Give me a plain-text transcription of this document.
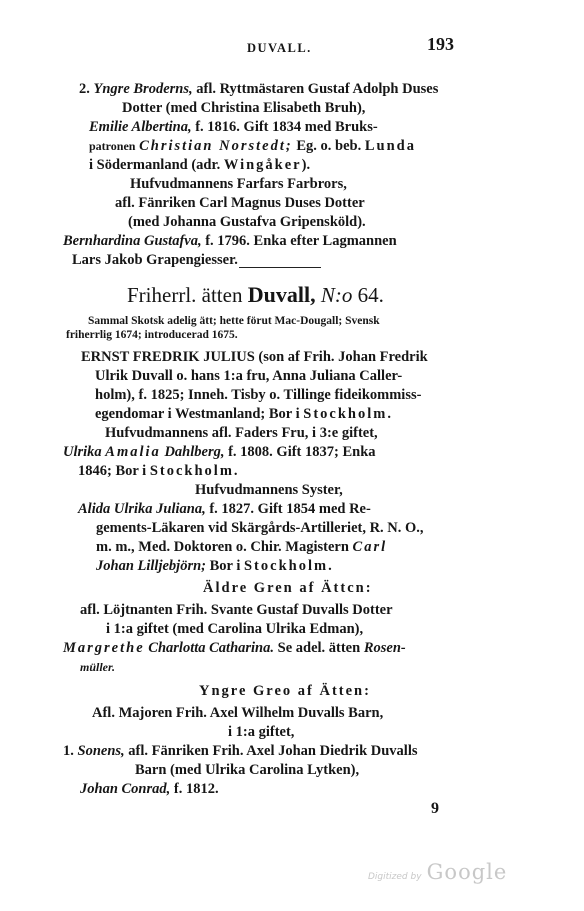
DUVALL.	193
2. Yngre Broderns, afl. Ryttmästaren Gustaf Adolph Duses
Dotter (med Christina Elisabeth Bruh),
Emilie Albertina, f. 1816. Gift 1834 med Bruks-
patronen Christian Norstedt; Eg. o. beb. Lunda
i Södermanland (adr. Wingåker).
Hufvudmannens Farfars Farbrors,
afl. Fänriken Carl Magnus Duses Dotter
(med Johanna Gustafva Gripensköld).
Bernhardina Gustafva, f. 1796. Enka efter Lagmannen
Lars Jakob Grapengiesser.
Friherrl. ätten Duvall, N:o 64.
Sammal Skotsk adelig ätt; hette förut Mac-Dougall; Svensk
friherrlig 1674; introducerad 1675.
ERNST FREDRIK JULIUS (son af Frih. Johan Fredrik
Ulrik Duvall o. hans 1:a fru, Anna Juliana Caller-
holm), f. 1825; Inneh. Tisby o. Tillinge fideikommiss-
egendomar i Westmanland; Bor i Stockholm.
Hufvudmannens afl. Faders Fru, i 3:e giftet,
Ulrika Amalia Dahlberg, f. 1808. Gift 1837; Enka
1846; Bor i Stockholm.
Hufvudmannens Syster,
Alida Ulrika Juliana, f. 1827. Gift 1854 med Re-
gements-Läkaren vid Skärgårds-Artilleriet, R. N. O.,
m. m., Med. Doktoren o. Chir. Magistern Carl
Johan Lilljebjörn; Bor i Stockholm.
Äldre Gren af Ättcn:
afl. Löjtnanten Frih. Svante Gustaf Duvalls Dotter
i 1:a giftet (med Carolina Ulrika Edman),
Margrethe Charlotta Catharina. Se adel. ätten Rosen-
müller.
Yngre Greo af Ätten:
Afl. Majoren Frih. Axel Wilhelm Duvalls Barn,
i 1:a giftet,
1. Sonens, afl. Fänriken Frih. Axel Johan Diedrik Duvalls
Barn (med Ulrika Carolina Lytken),
Johan Conrad, f. 1812.
9
Digitized by Google
